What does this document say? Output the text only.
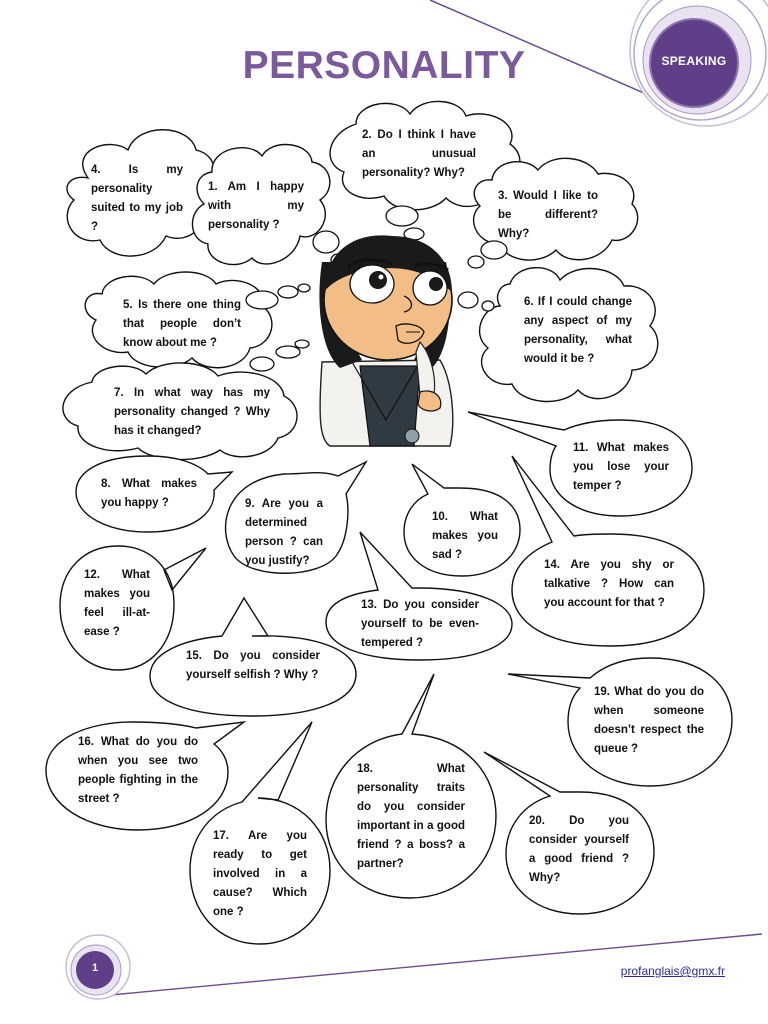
PERSONALITY	SPEAKING
1. Am I happy with my personality ?
2. Do I think I have an unusual personality? Why?
3. Would I like to be different? Why?
4. Is my personality suited to my job ?
5. Is there one thing that people don’t know about me ?
6. If I could change any aspect of my personality, what would it be ?
7. In what way has my personality changed ? Why has it changed?
8. What makes you happy ?	9. Are you a determined person ? can you justify?
10. What makes you sad ?
11. What makes you lose your temper ?
12. What makes you feel ill-at-ease ?
13. Do you consider yourself to be even-tempered ?
14. Are you shy or talkative ? How can you account for that ?
15. Do you consider yourself selfish ? Why ?
16. What do you do when you see two people fighting in the street ?
17. Are you ready to get involved in a cause? Which one ?
18. What personality traits do you consider important in a good friend ? a boss? a partner?
19. What do you do when someone doesn’t respect the queue ?
20. Do you consider yourself a good friend ? Why?
1	profanglais@gmx.fr
